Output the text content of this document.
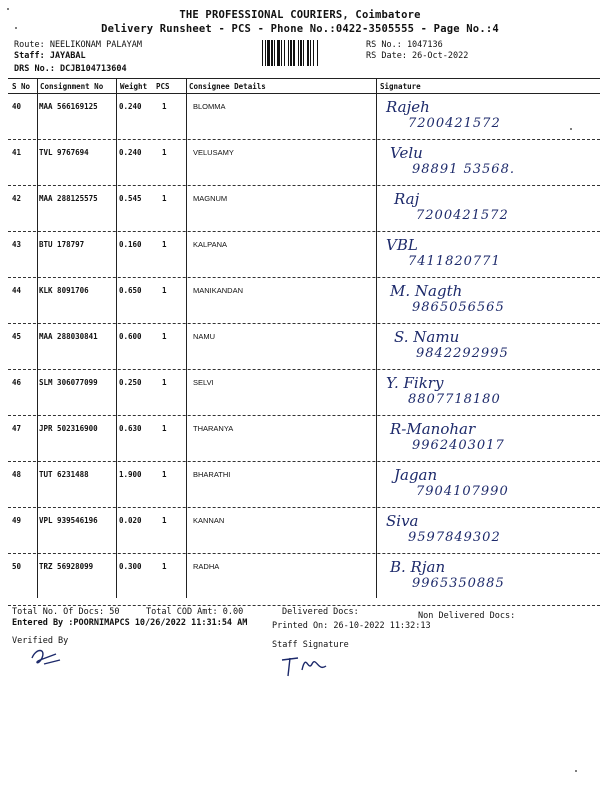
THE PROFESSIONAL COURIERS, Coimbatore
Delivery Runsheet - PCS - Phone No.:0422-3505555 - Page No.:4
Route: NEELIKONAM PALAYAM
Staff: JAYABAL
DRS No.: DCJB104713604
RS No.: 1047136
RS Date: 26-Oct-2022
S No Consignment No Weight PCS	Consignee Details	Signature
40 MAA 566169125	0.240	1	BLOMMA	Rajeh
7200421572
41 TVL 9767694	0.240	1	VELUSAMY	Velu
98891 53568.
42 MAA 288125575	0.545	1	MAGNUM	Raj
7200421572
43 BTU 178797	0.160	1	KALPANA	VBL
7411820771
44 KLK 8091706	0.650	1	MANIKANDAN	M. Nagth
9865056565
45 MAA 288030841	0.600	1	NAMU	S. Namu
9842292995
46 SLM 306077099	0.250	1	SELVI	Y. Fikry
8807718180
47 JPR 502316900	0.630	1	THARANYA	R-Manohar
9962403017
48 TUT 6231488	1.900	1	BHARATHI	Jagan
7904107990
49 VPL 939546196	0.020	1	KANNAN	Siva
9597849302
50 TRZ 56928099	0.300	1	RADHA	B. Rjan
9965350885
Total No. Of Docs: 50	Total COD Amt: 0.00	Delivered Docs:	Non Delivered Docs:
Entered By :POORNIMAPCS 10/26/2022 11:31:54 AM	Printed On: 26-10-2022 11:32:13
Verified By	Staff Signature
